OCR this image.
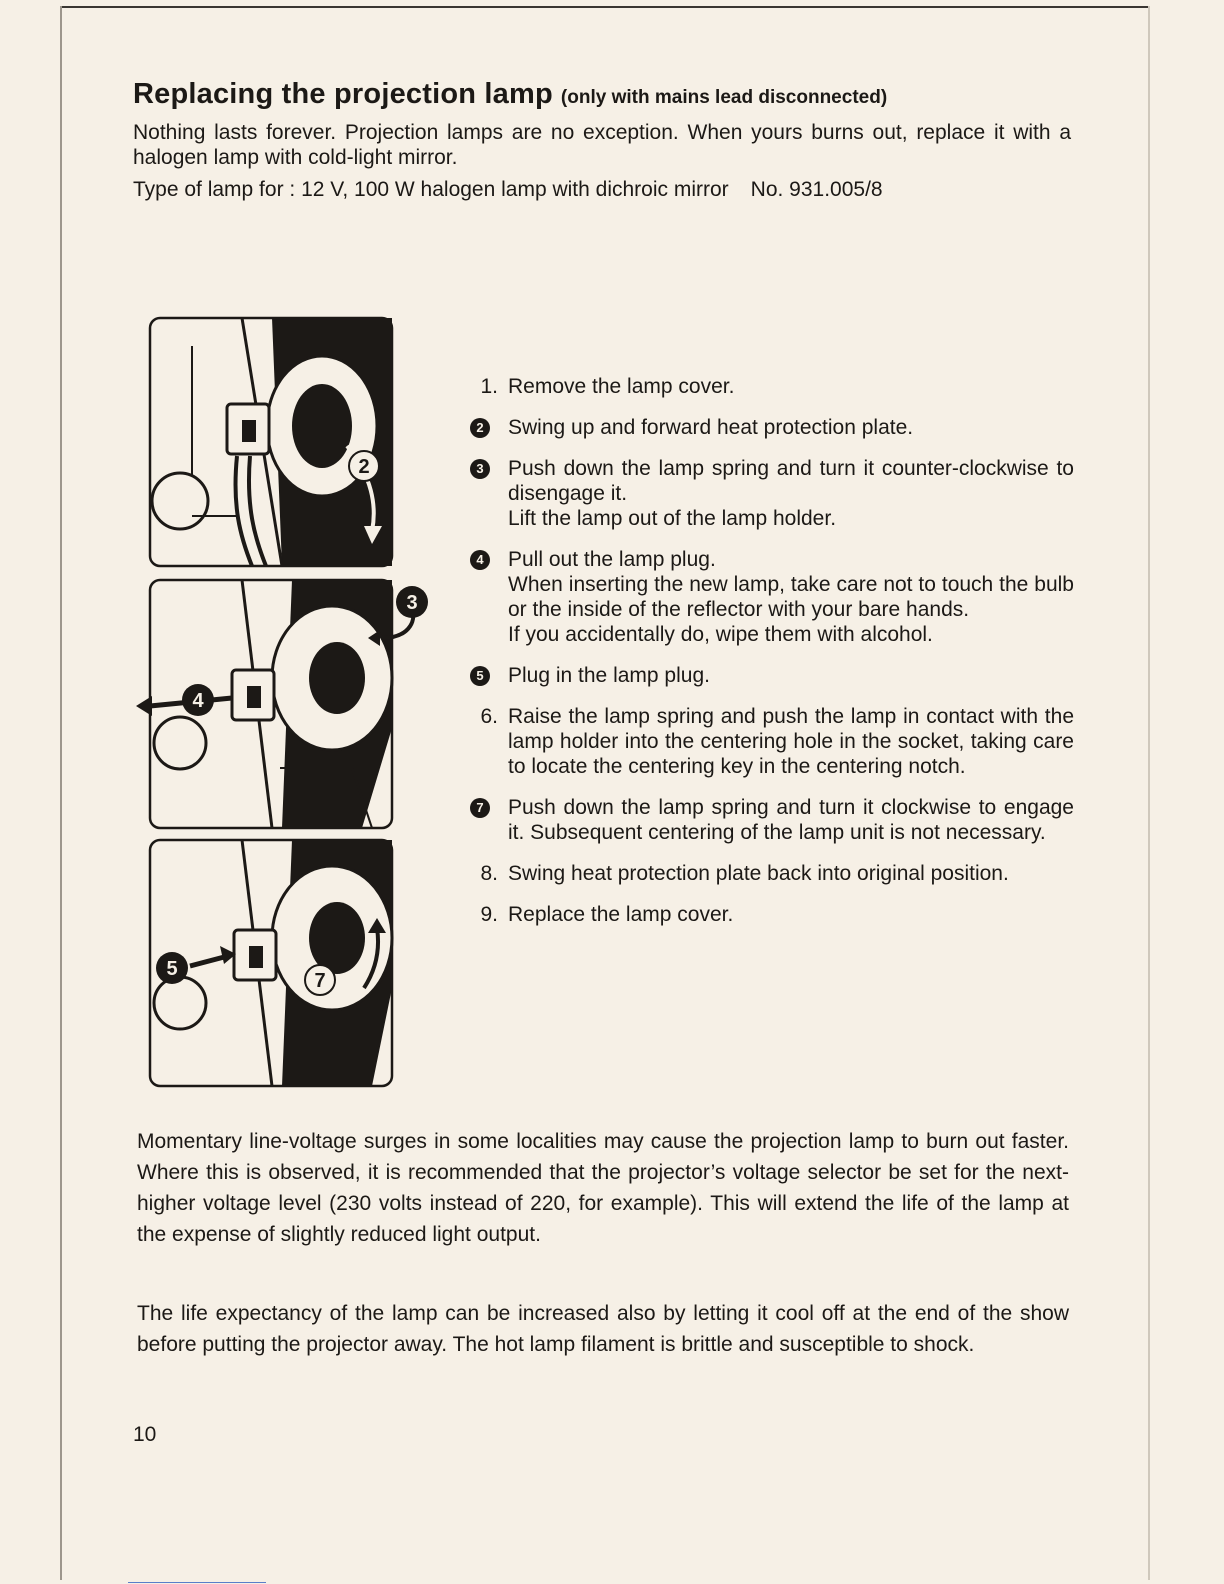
Replacing the projection lamp (only with mains lead disconnected)

Nothing lasts forever. Projection lamps are no exception. When yours burns out, replace it with a halogen lamp with cold-light mirror.

Type of lamp for : 12 V, 100 W halogen lamp with dichroic mirror No. 931.005/8

2
3
4
5
7
1. Remove the lamp cover.

2	Swing up and forward heat protection plate.

3	Push down the lamp spring and turn it counter-clockwise to disengage it.

Lift the lamp out of the lamp holder.

4	Pull out the lamp plug.

When inserting the new lamp, take care not to touch the bulb or the inside of the reflector with your bare hands.

If you accidentally do, wipe them with alcohol.

5	Plug in the lamp plug.

6. Raise the lamp spring and push the lamp in contact with the lamp holder into the centering hole in the socket, taking care to locate the centering key in the centering notch.

7	Push down the lamp spring and turn it clockwise to engage it. Subsequent centering of the lamp unit is not necessary.

8. Swing heat protection plate back into original position.

9. Replace the lamp cover.

Momentary line-voltage surges in some localities may cause the projection lamp to burn out faster. Where this is observed, it is recommended that the projector’s voltage selector be set for the next-higher voltage level (230 volts instead of 220, for example). This will extend the life of the lamp at the expense of slightly reduced light output.

The life expectancy of the lamp can be increased also by letting it cool off at the end of the show before putting the projector away. The hot lamp filament is brittle and susceptible to shock.

10
